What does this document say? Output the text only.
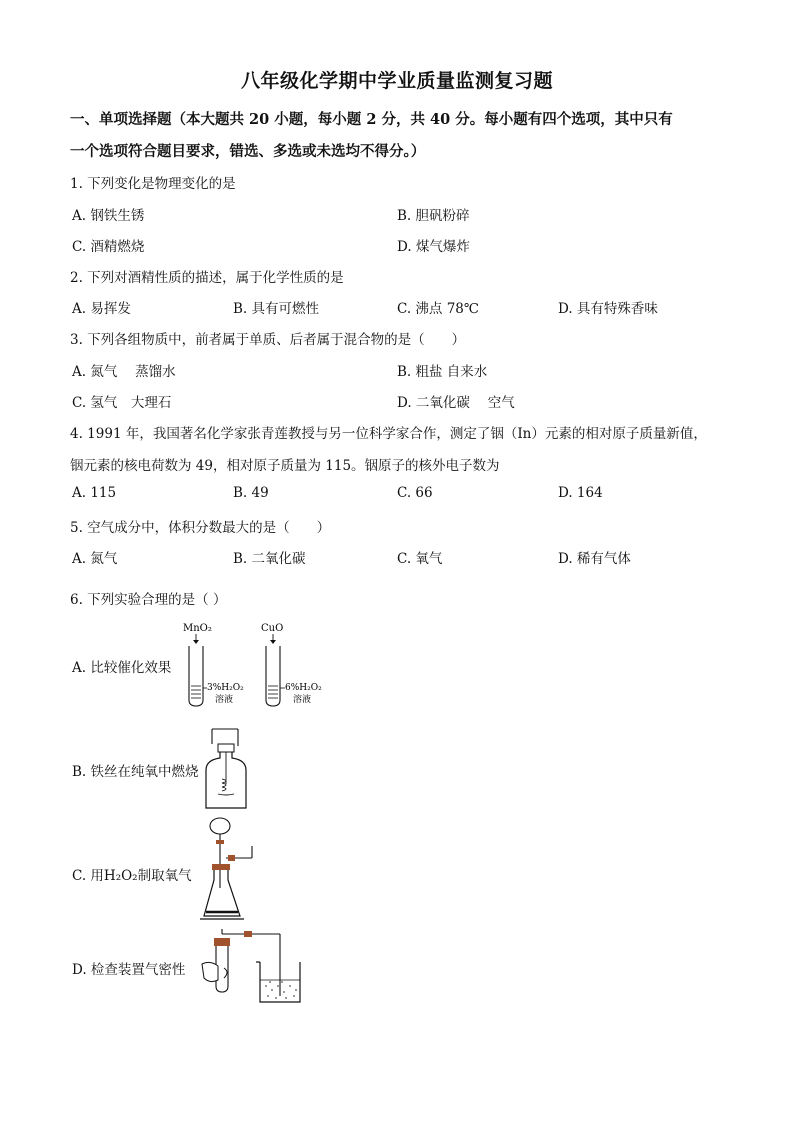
八年级化学期中学业质量监测复习题
一、单项选择题（本大题共 20 小题，每小题 2 分，共 40 分。每小题有四个选项，其中只有
一个选项符合题目要求，错选、多选或未选均不得分。）
1. 下列变化是物理变化的是
A. 钢铁生锈	B. 胆矾粉碎
C. 酒精燃烧	D. 煤气爆炸
2. 下列对酒精性质的描述，属于化学性质的是
A. 易挥发	B. 具有可燃性	C. 沸点 78℃	D. 具有特殊香味
3. 下列各组物质中，前者属于单质、后者属于混合物的是（　　）
A. 氮气　 蒸馏水	B. 粗盐 自来水
C. 氢气　大理石	D. 二氧化碳　 空气
4. 1991 年，我国著名化学家张青莲教授与另一位科学家合作，测定了铟（In）元素的相对原子质量新值，
铟元素的核电荷数为 49，相对原子质量为 115。铟原子的核外电子数为
A. 115	B. 49	C. 66	D. 164
5. 空气成分中，体积分数最大的是（　　）
A. 氮气	B. 二氧化碳	C. 氧气	D. 稀有气体
6. 下列实验合理的是（ ）
A. 比较催化效果
MnO₂	CuO
3%H₂O₂
溶液
6%H₂O₂
溶液
B. 铁丝在纯氧中燃烧
C. 用H₂O₂制取氧气
D. 检查装置气密性
